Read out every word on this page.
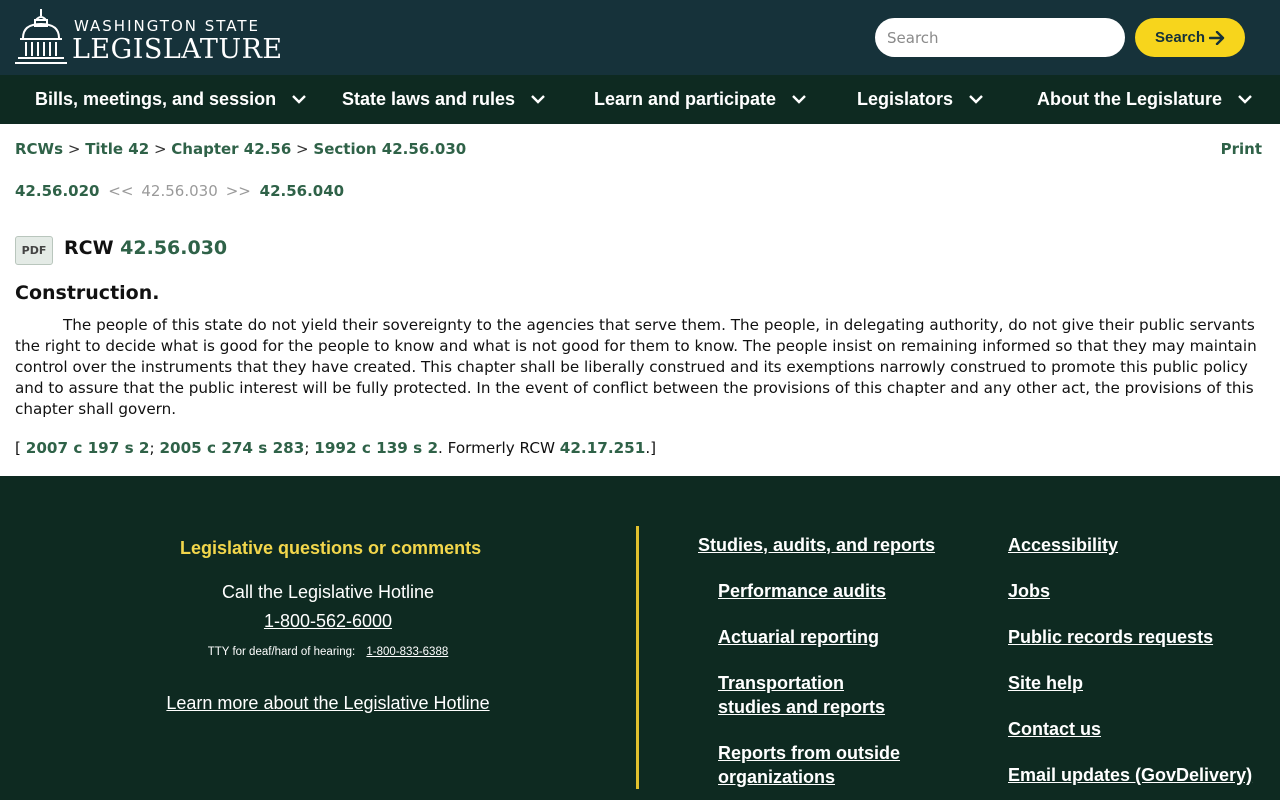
WASHINGTON STATE
LEGISLATURE
Search	Search
Bills, meetings, and session	State laws and rules	Learn and participate	Legislators	About the Legislature
RCWs > Title 42 > Chapter 42.56 > Section 42.56.030	Print
42.56.020 << 42.56.030 >> 42.56.040
PDF RCW 42.56.030
Construction.
The people of this state do not yield their sovereignty to the agencies that serve them. The people, in delegating authority, do not give their public servants the right to decide what is good for the people to know and what is not good for them to know. The people insist on remaining informed so that they may maintain control over the instruments that they have created. This chapter shall be liberally construed and its exemptions narrowly construed to promote this public policy and to assure that the public interest will be fully protected. In the event of conflict between the provisions of this chapter and any other act, the provisions of this chapter shall govern.
[ 2007 c 197 s 2; 2005 c 274 s 283; 1992 c 139 s 2. Formerly RCW 42.17.251.]
Legislative questions or comments
Call the Legislative Hotline
1-800-562-6000
TTY for deaf/hard of hearing: 1-800-833-6388
Learn more about the Legislative Hotline
Studies, audits, and reports
Performance audits
Actuarial reporting
Transportation studies and reports
Reports from outside organizations
Accessibility
Jobs
Public records requests
Site help
Contact us
Email updates (GovDelivery)
